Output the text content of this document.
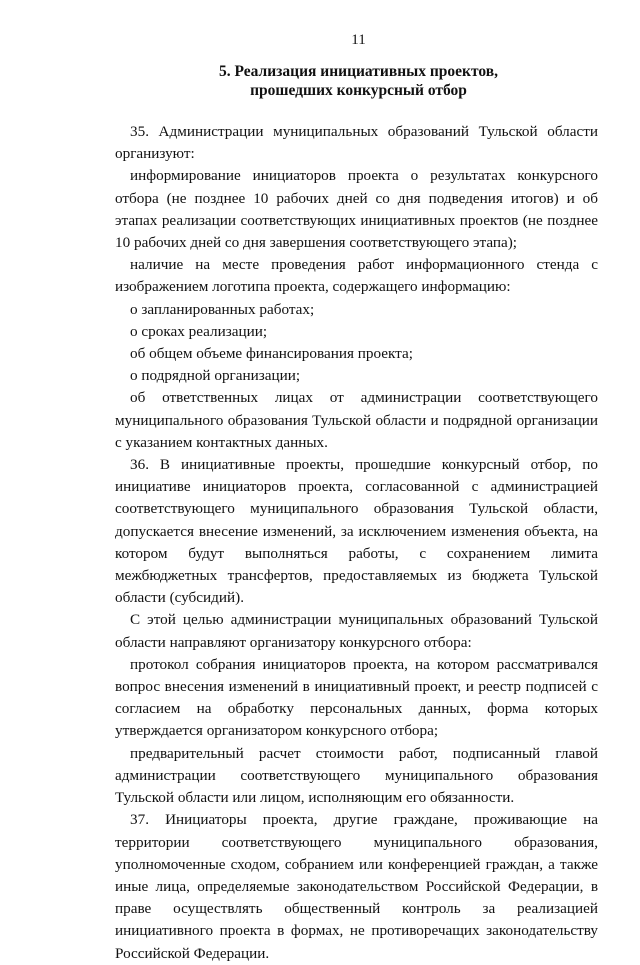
11
5. Реализация инициативных проектов,
прошедших конкурсный отбор

35. Администрации муниципальных образований Тульской области организуют:

информирование инициаторов проекта о результатах конкурсного отбора (не позднее 10 рабочих дней со дня подведения итогов) и об этапах реализации соответствующих инициативных проектов (не позднее 10 рабочих дней со дня завершения соответствующего этапа);

наличие на месте проведения работ информационного стенда с изображением логотипа проекта, содержащего информацию:

о запланированных работах;

о сроках реализации;

об общем объеме финансирования проекта;

о подрядной организации;

об ответственных лицах от администрации соответствующего муниципального образования Тульской области и подрядной организации с указанием контактных данных.

36. В инициативные проекты, прошедшие конкурсный отбор, по инициативе инициаторов проекта, согласованной с администрацией соответствующего муниципального образования Тульской области, допускается внесение изменений, за исключением изменения объекта, на котором будут выполняться работы, с сохранением лимита межбюджетных трансфертов, предоставляемых из бюджета Тульской области (субсидий).

С этой целью администрации муниципальных образований Тульской области направляют организатору конкурсного отбора:

протокол собрания инициаторов проекта, на котором рассматривался вопрос внесения изменений в инициативный проект, и реестр подписей с согласием на обработку персональных данных, форма которых утверждается организатором конкурсного отбора;

предварительный расчет стоимости работ, подписанный главой администрации соответствующего муниципального образования Тульской области или лицом, исполняющим его обязанности.

37. Инициаторы проекта, другие граждане, проживающие на территории соответствующего муниципального образования, уполномоченные сходом, собранием или конференцией граждан, а также иные лица, определяемые законодательством Российской Федерации, в праве осуществлять общественный контроль за реализацией инициативного проекта в формах, не противоречащих законодательству Российской Федерации.
